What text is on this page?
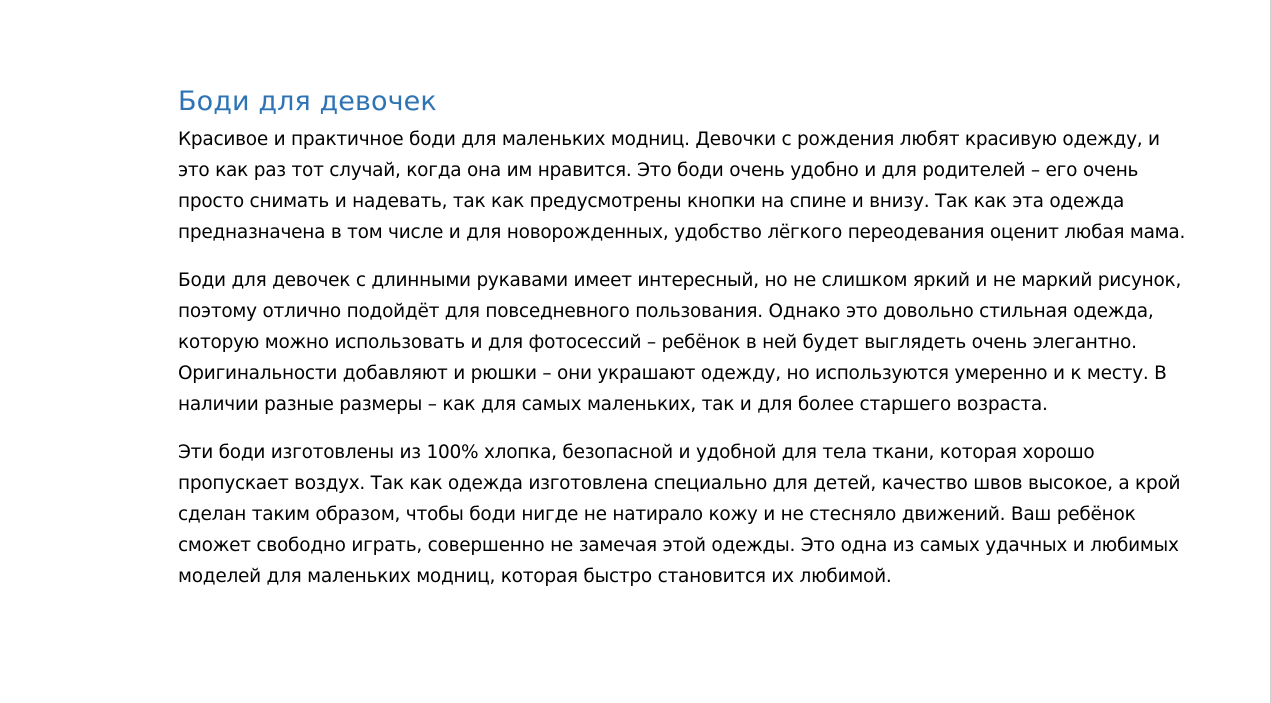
Боди для девочек

Красивое и практичное боди для маленьких модниц. Девочки с рождения любят красивую одежду, и это как раз тот случай, когда она им нравится. Это боди очень удобно и для родителей – его очень просто снимать и надевать, так как предусмотрены кнопки на спине и внизу. Так как эта одежда предназначена в том числе и для новорожденных, удобство лёгкого переодевания оценит любая мама.

Боди для девочек с длинными рукавами имеет интересный, но не слишком яркий и не маркий рисунок, поэтому отлично подойдёт для повседневного пользования. Однако это довольно стильная одежда, которую можно использовать и для фотосессий – ребёнок в ней будет выглядеть очень элегантно. Оригинальности добавляют и рюшки – они украшают одежду, но используются умеренно и к месту. В наличии разные размеры – как для самых маленьких, так и для более старшего возраста.

Эти боди изготовлены из 100% хлопка, безопасной и удобной для тела ткани, которая хорошо пропускает воздух. Так как одежда изготовлена специально для детей, качество швов высокое, а крой сделан таким образом, чтобы боди нигде не натирало кожу и не стесняло движений. Ваш ребёнок сможет свободно играть, совершенно не замечая этой одежды. Это одна из самых удачных и любимых моделей для маленьких модниц, которая быстро становится их любимой.
